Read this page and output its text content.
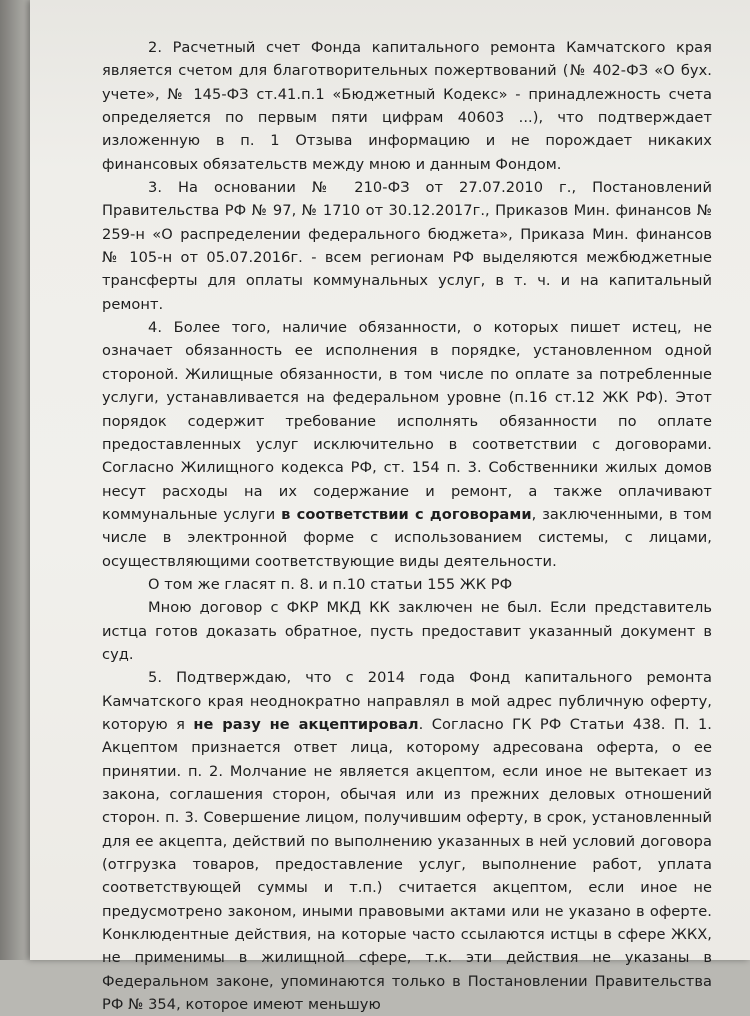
2. Расчетный счет Фонда капитального ремонта Камчатского края является счетом для благотворительных пожертвований (№ 402-ФЗ «О бух. учете», № 145-ФЗ ст.41.п.1 «Бюджетный Кодекс» - принадлежность счета определяется по первым пяти цифрам 40603 ...), что подтверждает изложенную в п. 1 Отзыва информацию и не порождает никаких финансовых обязательств между мною и данным Фондом.

3. На основании № 210-ФЗ от 27.07.2010 г., Постановлений Правительства РФ № 97, № 1710 от 30.12.2017г., Приказов Мин. финансов № 259-н «О распределении федерального бюджета», Приказа Мин. финансов № 105-н от 05.07.2016г. - всем регионам РФ выделяются межбюджетные трансферты для оплаты коммунальных услуг, в т. ч. и на капитальный ремонт.

4. Более того, наличие обязанности, о которых пишет истец, не означает обязанность ее исполнения в порядке, установленном одной стороной. Жилищные обязанности, в том числе по оплате за потребленные услуги, устанавливается на федеральном уровне (п.16 ст.12 ЖК РФ). Этот порядок содержит требование исполнять обязанности по оплате предоставленных услуг исключительно в соответствии с договорами. Согласно Жилищного кодекса РФ, ст. 154 п. 3. Собственники жилых домов несут расходы на их содержание и ремонт, а также оплачивают коммунальные услуги в соответствии с договорами, заключенными, в том числе в электронной форме с использованием системы, с лицами, осуществляющими соответствующие виды деятельности.

О том же гласят п. 8. и п.10 статьи 155 ЖК РФ

Мною договор с ФКР МКД КК заключен не был. Если представитель истца готов доказать обратное, пусть предоставит указанный документ в суд.

5. Подтверждаю, что с 2014 года Фонд капитального ремонта Камчатского края неоднократно направлял в мой адрес публичную оферту, которую я не разу не акцептировал. Согласно ГК РФ Статьи 438. П. 1. Акцептом признается ответ лица, которому адресована оферта, о ее принятии. п. 2. Молчание не является акцептом, если иное не вытекает из закона, соглашения сторон, обычая или из прежних деловых отношений сторон. п. 3. Совершение лицом, получившим оферту, в срок, установленный для ее акцепта, действий по выполнению указанных в ней условий договора (отгрузка товаров, предоставление услуг, выполнение работ, уплата соответствующей суммы и т.п.) считается акцептом, если иное не предусмотрено законом, иными правовыми актами или не указано в оферте. Конклюдентные действия, на которые часто ссылаются истцы в сфере ЖКХ, не применимы в жилищной сфере, т.к. эти действия не указаны в Федеральном законе, упоминаются только в Постановлении Правительства РФ № 354, которое имеют меньшую
